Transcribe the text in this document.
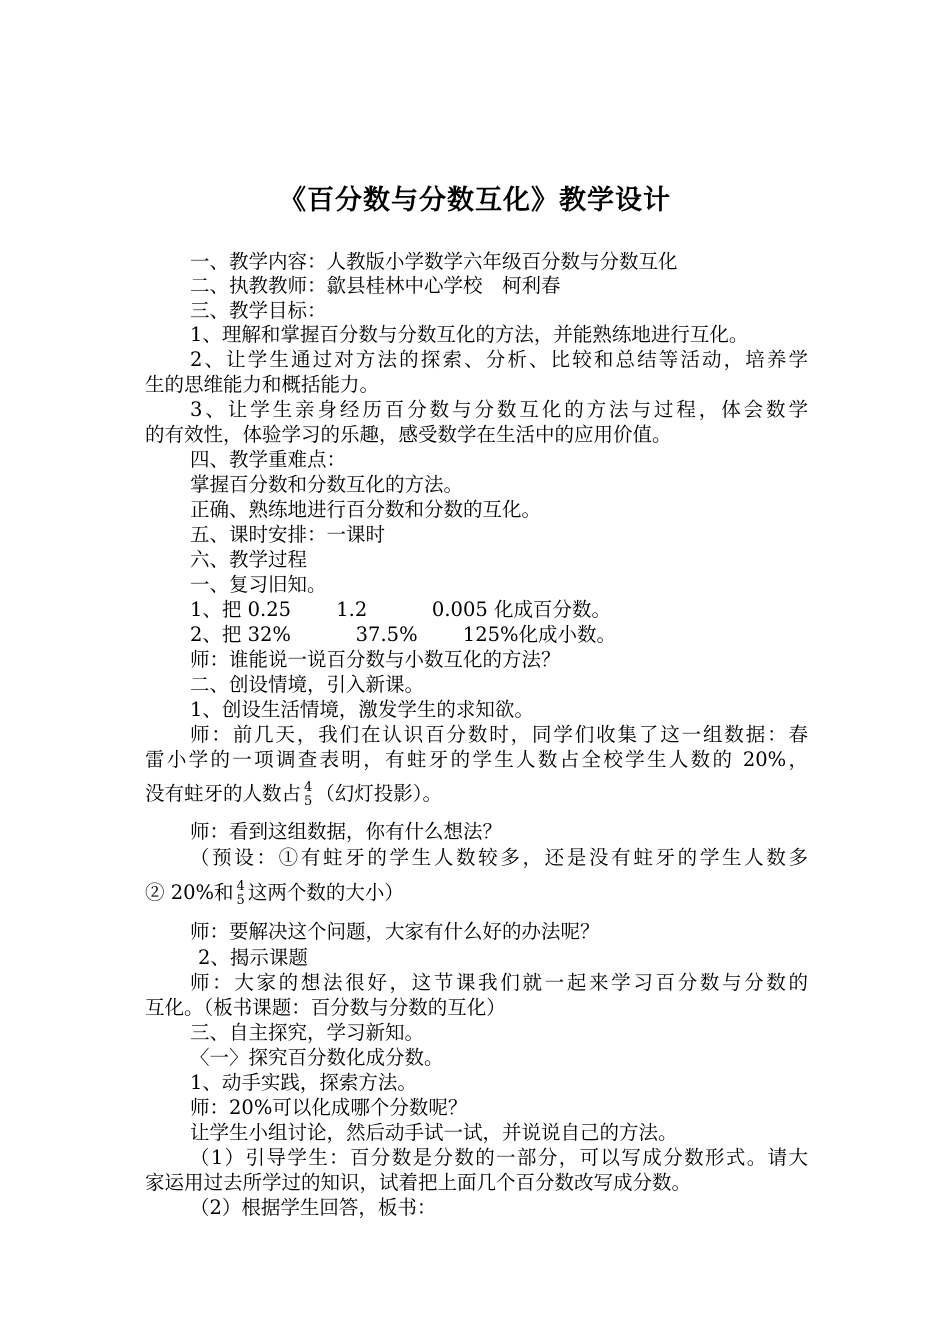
《百分数与分数互化》教学设计
一、教学内容：人教版小学数学六年级百分数与分数互化
二、执教教师：歙县桂林中心学校　柯利春
三、教学目标：
1、理解和掌握百分数与分数互化的方法，并能熟练地进行互化。
2、让学生通过对方法的探索、分析、比较和总结等活动，培养学
生的思维能力和概括能力。
3、让学生亲身经历百分数与分数互化的方法与过程，体会数学
的有效性，体验学习的乐趣，感受数学在生活中的应用价值。
四、教学重难点：
掌握百分数和分数互化的方法。
正确、熟练地进行百分数和分数的互化。
五、课时安排：一课时
六、教学过程
一、复习旧知。
1、把 0.25　　 1.2　　　 0.005 化成百分数。
2、把 32%　　　 37.5%　　 125%化成小数。
师：谁能说一说百分数与小数互化的方法？
二、创设情境，引入新课。
1、创设生活情境，激发学生的求知欲。
师：前几天，我们在认识百分数时，同学们收集了这一组数据：春
雷小学的一项调查表明，有蛀牙的学生人数占全校学生人数的 20%，
没有蛀牙的人数占 4
5 （幻灯投影）。
师：看到这组数据，你有什么想法？
（预设：①有蛀牙的学生人数较多，还是没有蛀牙的学生人数多
② 20%和 4
5 这两个数的大小）
师：要解决这个问题，大家有什么好的办法呢？
2、揭示课题
师：大家的想法很好，这节课我们就一起来学习百分数与分数的
互化。（板书课题：百分数与分数的互化）
三、自主探究，学习新知。
〈一〉探究百分数化成分数。
1、动手实践，探索方法。
师：20%可以化成哪个分数呢？
让学生小组讨论，然后动手试一试，并说说自己的方法。
（1）引导学生：百分数是分数的一部分，可以写成分数形式。请大
家运用过去所学过的知识，试着把上面几个百分数改写成分数。
（2）根据学生回答，板书：
